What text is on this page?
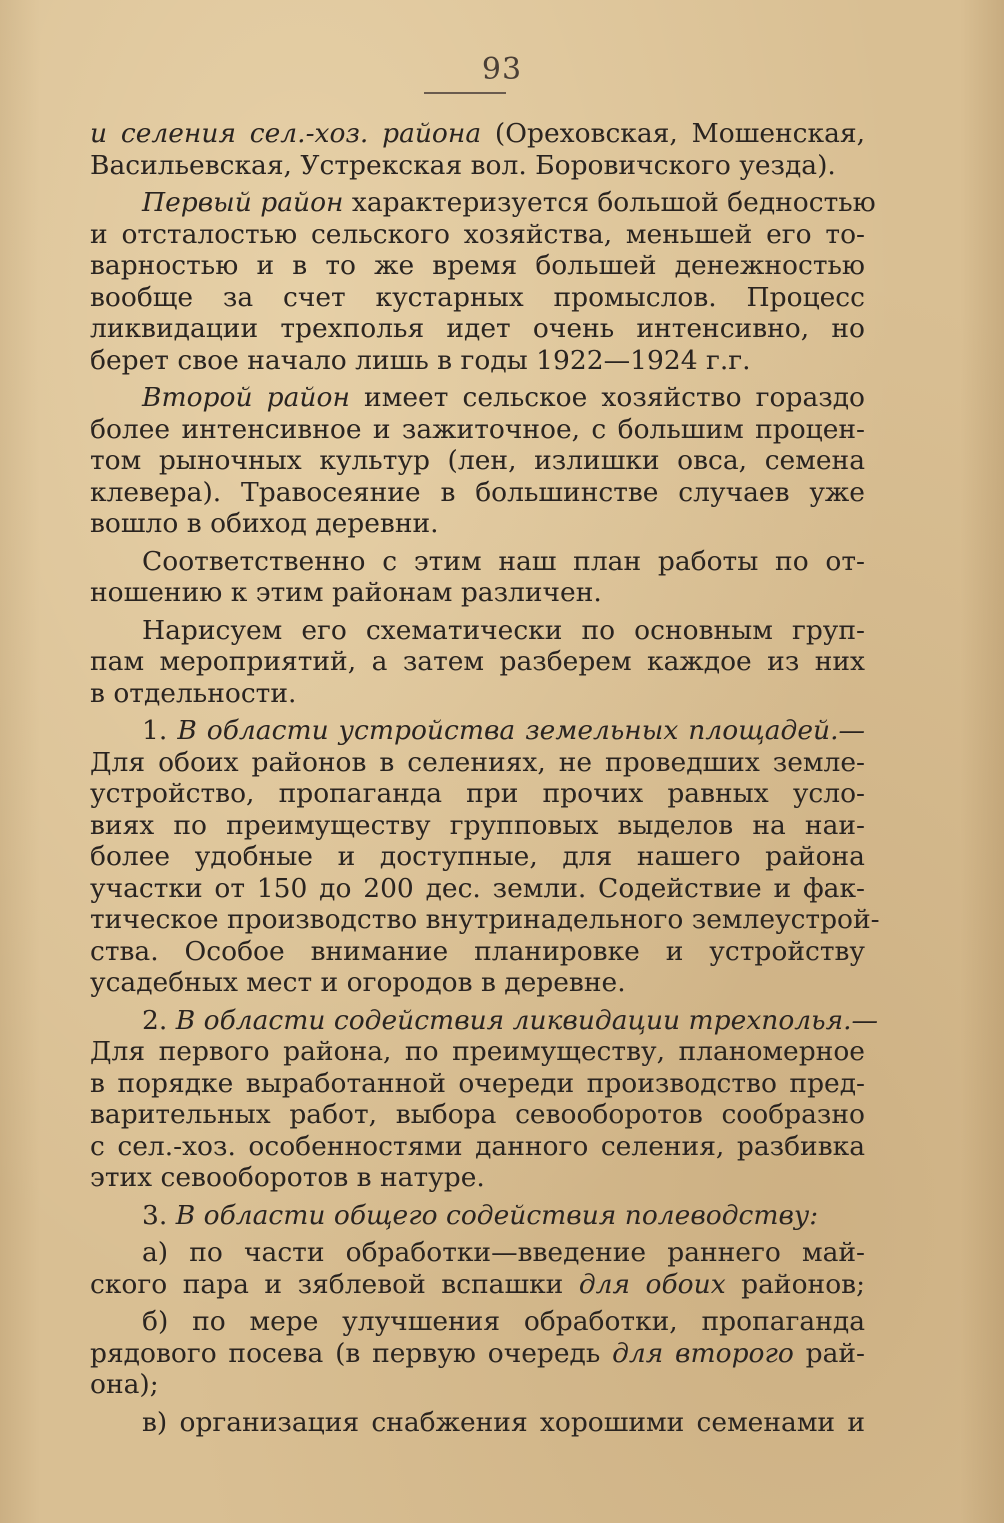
93
и селения сел.-хоз. района (Ореховская, Мошенская,
Васильевская, Устрекская вол. Боровичского уезда).
Первый район характеризуется большой бедностью
и отсталостью сельского хозяйства, меньшей его то-
варностью и в то же время большей денежностью
вообще за счет кустарных промыслов. Процесс
ликвидации трехполья идет очень интенсивно, но
берет свое начало лишь в годы 1922—1924 г.г.
Второй район имеет сельское хозяйство гораздо
более интенсивное и зажиточное, с большим процен-
том рыночных культур (лен, излишки овса, семена
клевера). Травосеяние в большинстве случаев уже
вошло в обиход деревни.
Соответственно с этим наш план работы по от-
ношению к этим районам различен.
Нарисуем его схематически по основным груп-
пам мероприятий, а затем разберем каждое из них
в отдельности.
1. В области устройства земельных площадей.—
Для обоих районов в селениях, не проведших земле-
устройство, пропаганда при прочих равных усло-
виях по преимуществу групповых выделов на наи-
более удобные и доступные, для нашего района
участки от 150 до 200 дес. земли. Содействие и фак-
тическое производство внутринадельного землеустрой-
ства. Особое внимание планировке и устройству
усадебных мест и огородов в деревне.
2. В области содействия ликвидации трехполья.—
Для первого района, по преимуществу, планомерное
в порядке выработанной очереди производство пред-
варительных работ, выбора севооборотов сообразно
с сел.-хоз. особенностями данного селения, разбивка
этих севооборотов в натуре.
3. В области общего содействия полеводству:
а) по части обработки—введение раннего май-
ского пара и зяблевой вспашки для обоих районов;
б) по мере улучшения обработки, пропаганда
рядового посева (в первую очередь для второго рай-
она);
в) организация снабжения хорошими семенами и
